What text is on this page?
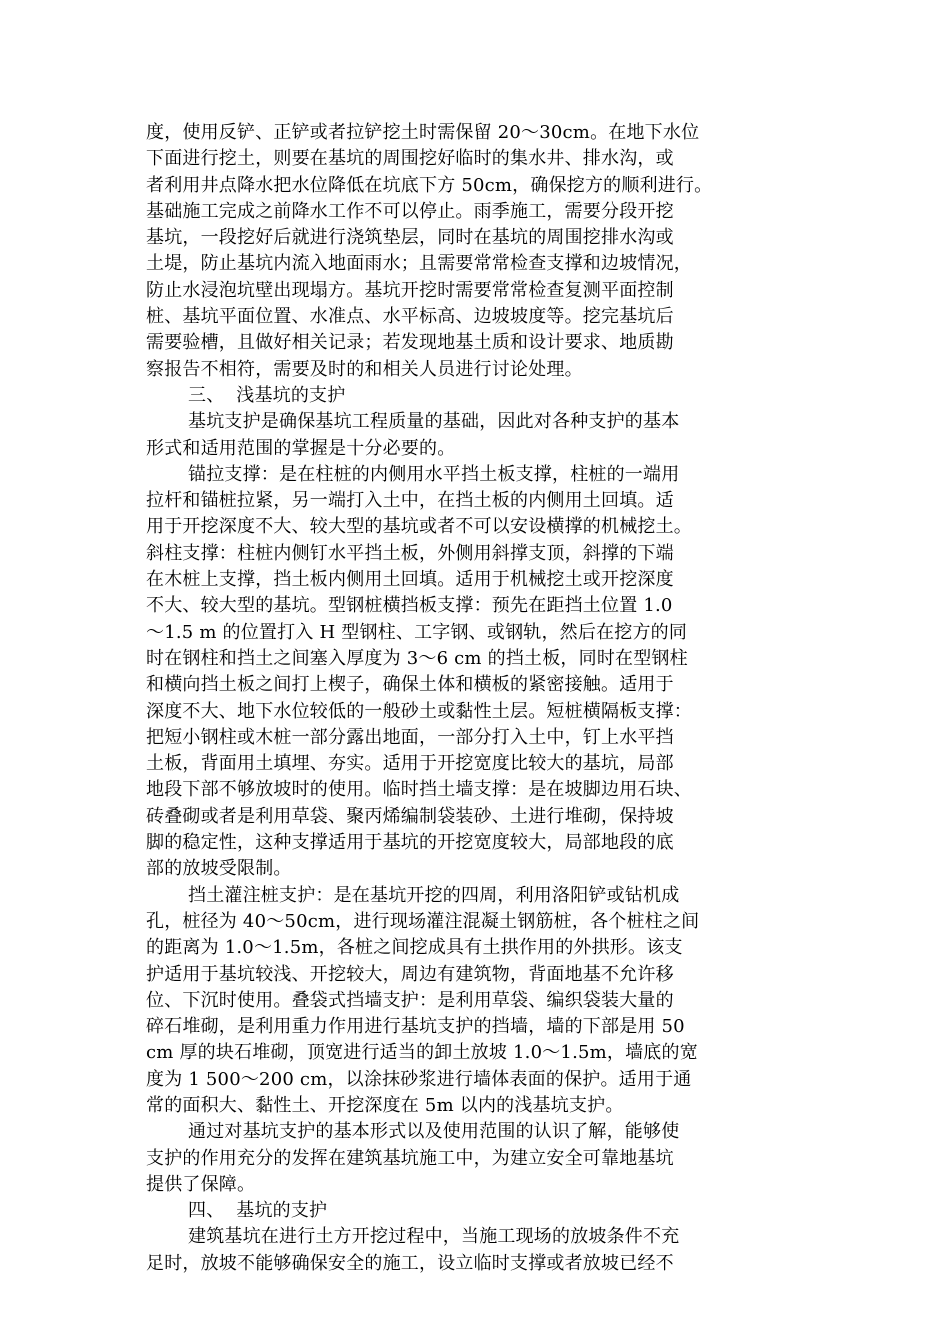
度，使用反铲、正铲或者拉铲挖土时需保留 20～30cm。在地下水位
下面进行挖土，则要在基坑的周围挖好临时的集水井、排水沟，或
者利用井点降水把水位降低在坑底下方 50cm，确保挖方的顺利进行。
基础施工完成之前降水工作不可以停止。雨季施工，需要分段开挖
基坑，一段挖好后就进行浇筑垫层，同时在基坑的周围挖排水沟或
土堤，防止基坑内流入地面雨水；且需要常常检查支撑和边坡情况，
防止水浸泡坑壁出现塌方。基坑开挖时需要常常检查复测平面控制
桩、基坑平面位置、水准点、水平标高、边坡坡度等。挖完基坑后
需要验槽，且做好相关记录；若发现地基土质和设计要求、地质勘
察报告不相符，需要及时的和相关人员进行讨论处理。
三、  浅基坑的支护
基坑支护是确保基坑工程质量的基础，因此对各种支护的基本
形式和适用范围的掌握是十分必要的。
锚拉支撑：是在柱桩的内侧用水平挡土板支撑，柱桩的一端用
拉杆和锚桩拉紧，另一端打入土中，在挡土板的内侧用土回填。适
用于开挖深度不大、较大型的基坑或者不可以安设横撑的机械挖土。
斜柱支撑：柱桩内侧钉水平挡土板，外侧用斜撑支顶，斜撑的下端
在木桩上支撑，挡土板内侧用土回填。适用于机械挖土或开挖深度
不大、较大型的基坑。型钢桩横挡板支撑：预先在距挡土位置 1.0
～1.5 m 的位置打入 H 型钢柱、工字钢、或钢轨，然后在挖方的同
时在钢柱和挡土之间塞入厚度为 3～6 cm 的挡土板，同时在型钢柱
和横向挡土板之间打上楔子，确保土体和横板的紧密接触。适用于
深度不大、地下水位较低的一般砂土或黏性土层。短桩横隔板支撑：
把短小钢柱或木桩一部分露出地面，一部分打入土中，钉上水平挡
土板，背面用土填埋、夯实。适用于开挖宽度比较大的基坑，局部
地段下部不够放坡时的使用。临时挡土墙支撑：是在坡脚边用石块、
砖叠砌或者是利用草袋、聚丙烯编制袋装砂、土进行堆砌，保持坡
脚的稳定性，这种支撑适用于基坑的开挖宽度较大，局部地段的底
部的放坡受限制。
挡土灌注桩支护：是在基坑开挖的四周，利用洛阳铲或钻机成
孔，桩径为 40～50cm，进行现场灌注混凝土钢筋桩，各个桩柱之间
的距离为 1.0～1.5m，各桩之间挖成具有土拱作用的外拱形。该支
护适用于基坑较浅、开挖较大，周边有建筑物，背面地基不允许移
位、下沉时使用。叠袋式挡墙支护：是利用草袋、编织袋装大量的
碎石堆砌，是利用重力作用进行基坑支护的挡墙，墙的下部是用 50
cm 厚的块石堆砌，顶宽进行适当的卸土放坡 1.0～1.5m，墙底的宽
度为 1 500～200 cm，以涂抹砂浆进行墙体表面的保护。适用于通
常的面积大、黏性土、开挖深度在 5m 以内的浅基坑支护。
通过对基坑支护的基本形式以及使用范围的认识了解，能够使
支护的作用充分的发挥在建筑基坑施工中，为建立安全可靠地基坑
提供了保障。
四、  基坑的支护
建筑基坑在进行土方开挖过程中，当施工现场的放坡条件不充
足时，放坡不能够确保安全的施工，设立临时支撑或者放坡已经不
